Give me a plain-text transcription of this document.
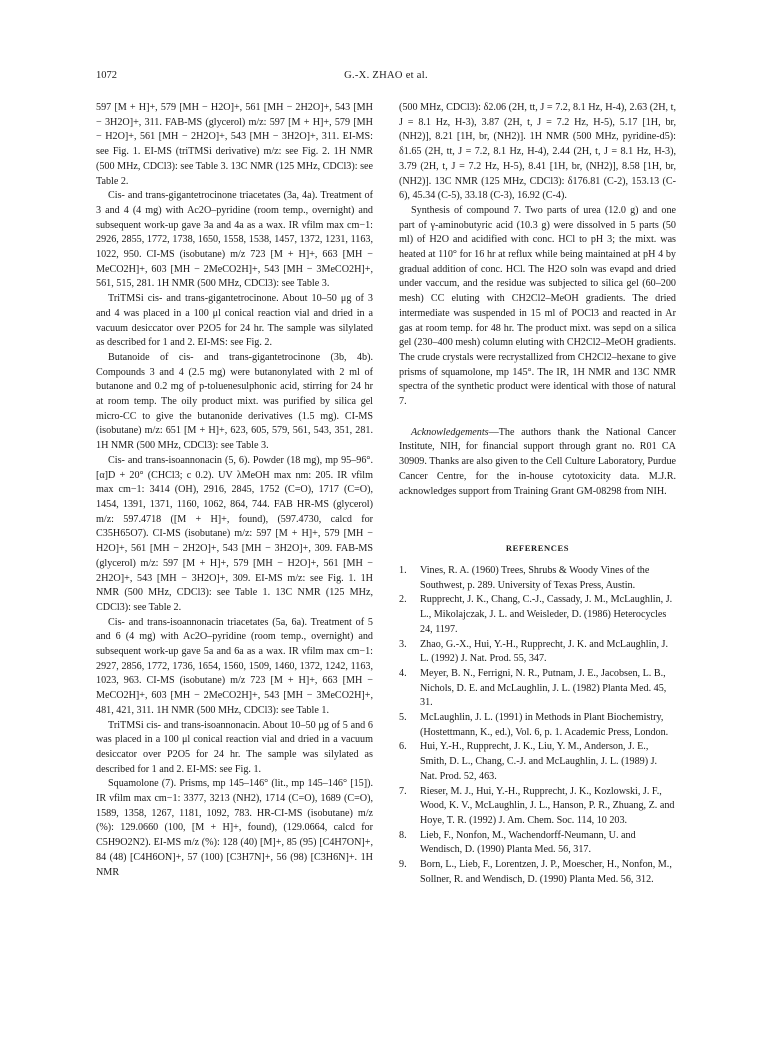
1072	G.-X. ZHAO et al.

597 [M + H]+, 579 [MH − H2O]+, 561 [MH − 2H2O]+, 543 [MH − 3H2O]+, 311. FAB-MS (glycerol) m/z: 597 [M + H]+, 579 [MH − H2O]+, 561 [MH − 2H2O]+, 543 [MH − 3H2O]+, 311. EI-MS: see Fig. 1. EI-MS (triTMSi derivative) m/z: see Fig. 2. 1H NMR (500 MHz, CDCl3): see Table 3. 13C NMR (125 MHz, CDCl3): see Table 2.

Cis- and trans-gigantetrocinone triacetates (3a, 4a). Treatment of 3 and 4 (4 mg) with Ac2O–pyridine (room temp., overnight) and subsequent work-up gave 3a and 4a as a wax. IR νfilm max cm−1: 2926, 2855, 1772, 1738, 1650, 1558, 1538, 1457, 1372, 1231, 1163, 1022, 950. CI-MS (isobutane) m/z 723 [M + H]+, 663 [MH − MeCO2H]+, 603 [MH − 2MeCO2H]+, 543 [MH − 3MeCO2H]+, 561, 515, 281. 1H NMR (500 MHz, CDCl3): see Table 3.

TriTMSi cis- and trans-gigantetrocinone. About 10–50 μg of 3 and 4 was placed in a 100 μl conical reaction vial and dried in a vacuum desiccator over P2O5 for 24 hr. The sample was silylated as described for 1 and 2. EI-MS: see Fig. 2.

Butanoide of cis- and trans-gigantetrocinone (3b, 4b). Compounds 3 and 4 (2.5 mg) were butanonylated with 2 ml of butanone and 0.2 mg of p-toluenesulphonic acid, stirring for 24 hr at room temp. The oily product mixt. was purified by silica gel micro-CC to give the butanonide derivatives (1.5 mg). CI-MS (isobutane) m/z: 651 [M + H]+, 623, 605, 579, 561, 543, 351, 281. 1H NMR (500 MHz, CDCl3): see Table 3.

Cis- and trans-isoannonacin (5, 6). Powder (18 mg), mp 95–96°. [α]D + 20° (CHCl3; c 0.2). UV λMeOH max nm: 205. IR νfilm max cm−1: 3414 (OH), 2916, 2845, 1752 (C=O), 1717 (C=O), 1454, 1391, 1371, 1160, 1062, 864, 744. FAB HR-MS (glycerol) m/z: 597.4718 ([M + H]+, found), (597.4730, calcd for C35H65O7). CI-MS (isobutane) m/z: 597 [M + H]+, 579 [MH − H2O]+, 561 [MH − 2H2O]+, 543 [MH − 3H2O]+, 309. FAB-MS (glycerol) m/z: 597 [M + H]+, 579 [MH − H2O]+, 561 [MH − 2H2O]+, 543 [MH − 3H2O]+, 309. EI-MS m/z: see Fig. 1. 1H NMR (500 MHz, CDCl3): see Table 1. 13C NMR (125 MHz, CDCl3): see Table 2.

Cis- and trans-isoannonacin triacetates (5a, 6a). Treatment of 5 and 6 (4 mg) with Ac2O–pyridine (room temp., overnight) and subsequent work-up gave 5a and 6a as a wax. IR νfilm max cm−1: 2927, 2856, 1772, 1736, 1654, 1560, 1509, 1460, 1372, 1242, 1163, 1023, 963. CI-MS (isobutane) m/z 723 [M + H]+, 663 [MH − MeCO2H]+, 603 [MH − 2MeCO2H]+, 543 [MH − 3MeCO2H]+, 481, 421, 311. 1H NMR (500 MHz, CDCl3): see Table 1.

TriTMSi cis- and trans-isoannonacin. About 10–50 μg of 5 and 6 was placed in a 100 μl conical reaction vial and dried in a vacuum desiccator over P2O5 for 24 hr. The sample was silylated as described for 1 and 2. EI-MS: see Fig. 1.

Squamolone (7). Prisms, mp 145–146° (lit., mp 145–146° [15]). IR νfilm max cm−1: 3377, 3213 (NH2), 1714 (C=O), 1689 (C=O), 1589, 1358, 1267, 1181, 1092, 783. HR-CI-MS (isobutane) m/z (%): 129.0660 (100, [M + H]+, found), (129.0664, calcd for C5H9O2N2). EI-MS m/z (%): 128 (40) [M]+, 85 (95) [C4H7ON]+, 84 (48) [C4H6ON]+, 57 (100) [C3H7N]+, 56 (98) [C3H6N]+. 1H NMR

(500 MHz, CDCl3): δ2.06 (2H, tt, J = 7.2, 8.1 Hz, H-4), 2.63 (2H, t, J = 8.1 Hz, H-3), 3.87 (2H, t, J = 7.2 Hz, H-5), 5.17 [1H, br, (NH2)], 8.21 [1H, br, (NH2)]. 1H NMR (500 MHz, pyridine-d5): δ1.65 (2H, tt, J = 7.2, 8.1 Hz, H-4), 2.44 (2H, t, J = 8.1 Hz, H-3), 3.79 (2H, t, J = 7.2 Hz, H-5), 8.41 [1H, br, (NH2)], 8.58 [1H, br, (NH2)]. 13C NMR (125 MHz, CDCl3): δ176.81 (C-2), 153.13 (C-6), 45.34 (C-5), 33.18 (C-3), 16.92 (C-4).

Synthesis of compound 7. Two parts of urea (12.0 g) and one part of γ-aminobutyric acid (10.3 g) were dissolved in 5 parts (50 ml) of H2O and acidified with conc. HCl to pH 3; the mixt. was heated at 110° for 16 hr at reflux while being maintained at pH 4 by gradual addition of conc. HCl. The H2O soln was evapd and dried under vaccum, and the residue was subjected to silica gel (60–200 mesh) CC eluting with CH2Cl2–MeOH gradients. The dried intermediate was suspended in 15 ml of POCl3 and reacted in Ar gas at room temp. for 48 hr. The product mixt. was sepd on a silica gel (230–400 mesh) column eluting with CH2Cl2–MeOH gradients. The crude crystals were recrystallized from CH2Cl2–hexane to give prisms of squamolone, mp 145°. The IR, 1H NMR and 13C NMR spectra of the synthetic product were identical with those of natural 7.

Acknowledgements—The authors thank the National Cancer Institute, NIH, for financial support through grant no. R01 CA 30909. Thanks are also given to the Cell Culture Laboratory, Purdue Cancer Centre, for the in-house cytotoxicity data. M.J.R. acknowledges support from Training Grant GM-08298 from NIH.

REFERENCES
1. Vines, R. A. (1960) Trees, Shrubs & Woody Vines of the Southwest, p. 289. University of Texas Press, Austin.
2. Rupprecht, J. K., Chang, C.-J., Cassady, J. M., McLaughlin, J. L., Mikolajczak, J. L. and Weisleder, D. (1986) Heterocycles 24, 1197.
3. Zhao, G.-X., Hui, Y.-H., Rupprecht, J. K. and McLaughlin, J. L. (1992) J. Nat. Prod. 55, 347.
4. Meyer, B. N., Ferrigni, N. R., Putnam, J. E., Jacobsen, L. B., Nichols, D. E. and McLaughlin, J. L. (1982) Planta Med. 45, 31.
5. McLaughlin, J. L. (1991) in Methods in Plant Biochemistry, (Hostettmann, K., ed.), Vol. 6, p. 1. Academic Press, London.
6. Hui, Y.-H., Rupprecht, J. K., Liu, Y. M., Anderson, J. E., Smith, D. L., Chang, C.-J. and McLaughlin, J. L. (1989) J. Nat. Prod. 52, 463.
7. Rieser, M. J., Hui, Y.-H., Rupprecht, J. K., Kozlowski, J. F., Wood, K. V., McLaughlin, J. L., Hanson, P. R., Zhuang, Z. and Hoye, T. R. (1992) J. Am. Chem. Soc. 114, 10 203.
8. Lieb, F., Nonfon, M., Wachendorff-Neumann, U. and Wendisch, D. (1990) Planta Med. 56, 317.
9. Born, L., Lieb, F., Lorentzen, J. P., Moescher, H., Nonfon, M., Sollner, R. and Wendisch, D. (1990) Planta Med. 56, 312.
